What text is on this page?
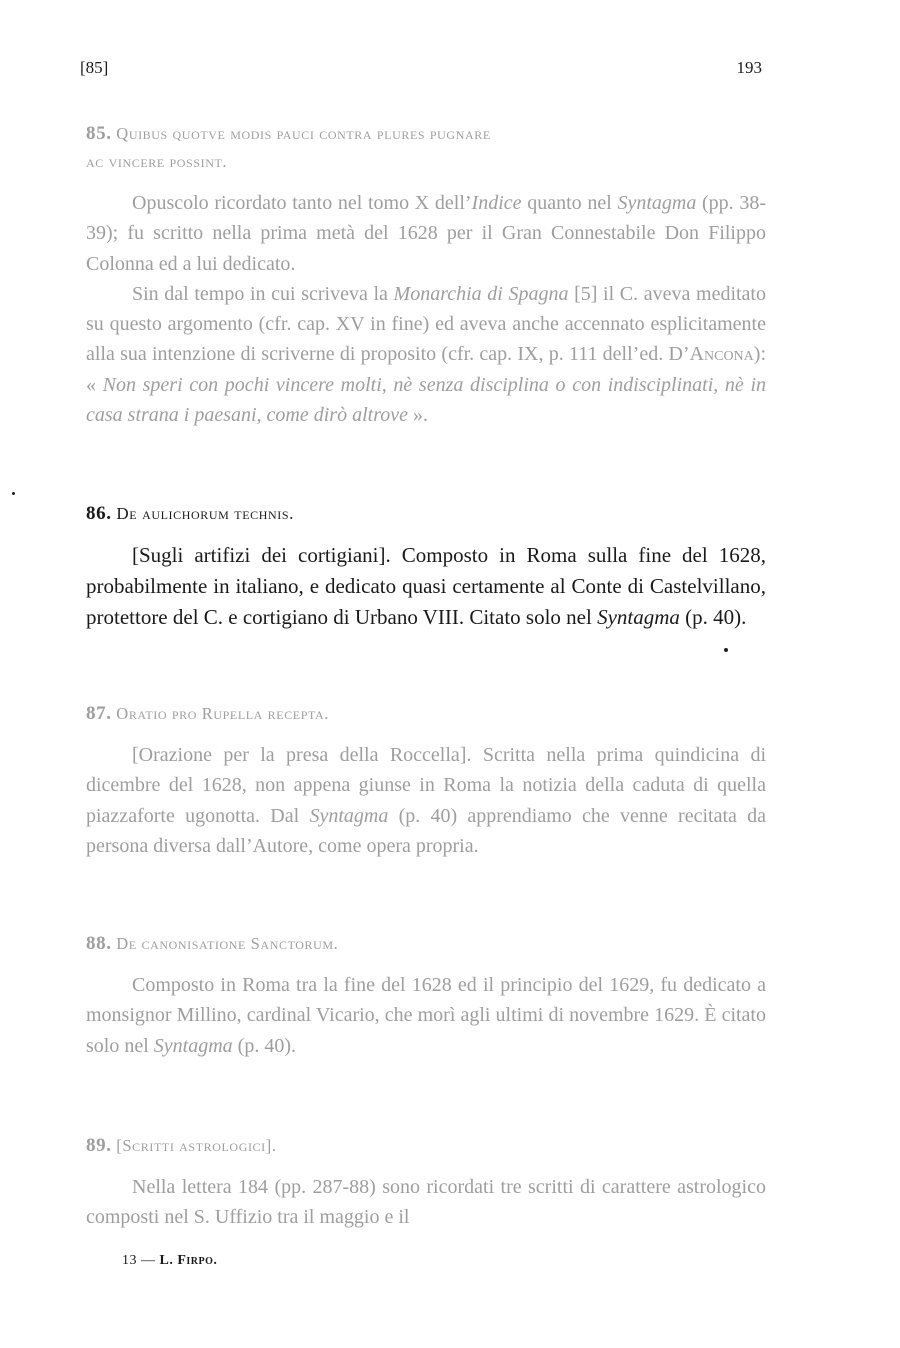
[85]	193
85. Quibus quotve modis pauci contra plures pugnare
ac vincere possint.

Opuscolo ricordato tanto nel tomo X dell’Indice quanto nel Syntagma (pp. 38-39); fu scritto nella prima metà del 1628 per il Gran Connestabile Don Filippo Colonna ed a lui dedicato.

Sin dal tempo in cui scriveva la Monarchia di Spagna [5] il C. aveva meditato su questo argomento (cfr. cap. XV in fine) ed aveva anche accennato esplicitamente alla sua intenzione di scriverne di proposito (cfr. cap. IX, p. 111 dell’ed. D’Ancona): « Non speri con pochi vincere molti, nè senza disciplina o con indisciplinati, nè in casa strana i paesani, come dirò altrove ».

86. De aulichorum technis.

[Sugli artifizi dei cortigiani]. Composto in Roma sulla fine del 1628, probabilmente in italiano, e dedicato quasi certamente al Conte di Castelvillano, protettore del C. e cortigiano di Urbano VIII. Citato solo nel Syntagma (p. 40).

87. Oratio pro Rupella recepta.

[Orazione per la presa della Roccella]. Scritta nella prima quindicina di dicembre del 1628, non appena giunse in Roma la notizia della caduta di quella piazzaforte ugonotta. Dal Syntagma (p. 40) apprendiamo che venne recitata da persona diversa dall’Autore, come opera propria.

88. De canonisatione Sanctorum.

Composto in Roma tra la fine del 1628 ed il principio del 1629, fu dedicato a monsignor Millino, cardinal Vicario, che morì agli ultimi di novembre 1629. È citato solo nel Syntagma (p. 40).

89. [Scritti astrologici].

Nella lettera 184 (pp. 287-88) sono ricordati tre scritti di carattere astrologico composti nel S. Uffizio tra il maggio e il

13 — L. Firpo.
